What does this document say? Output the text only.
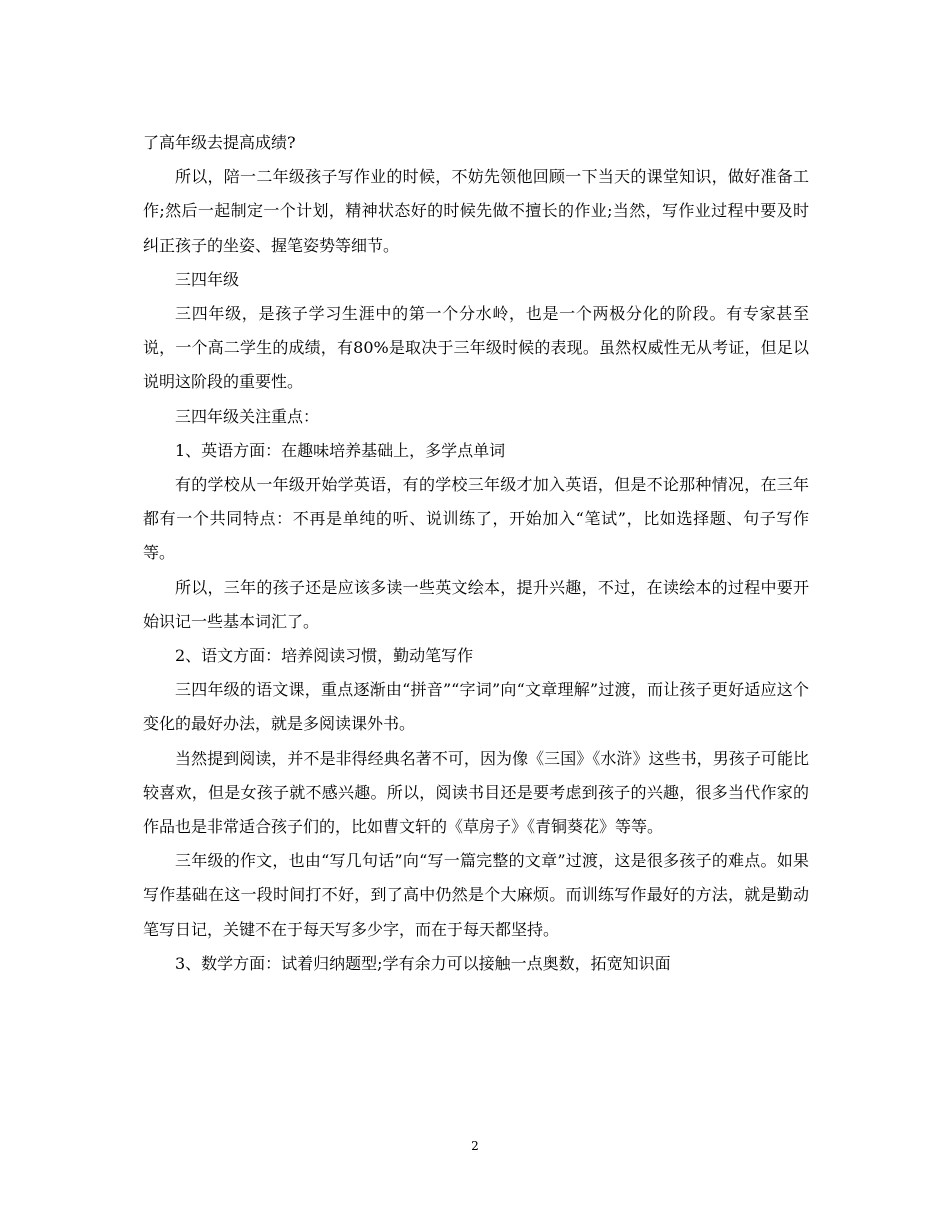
了高年级去提高成绩?

所以，陪一二年级孩子写作业的时候，不妨先领他回顾一下当天的课堂知识，做好准备工作;然后一起制定一个计划，精神状态好的时候先做不擅长的作业;当然，写作业过程中要及时纠正孩子的坐姿、握笔姿势等细节。

三四年级

三四年级，是孩子学习生涯中的第一个分水岭，也是一个两极分化的阶段。有专家甚至说，一个高二学生的成绩，有80%是取决于三年级时候的表现。虽然权威性无从考证，但足以说明这阶段的重要性。

三四年级关注重点：

1、英语方面：在趣味培养基础上，多学点单词

有的学校从一年级开始学英语，有的学校三年级才加入英语，但是不论那种情况，在三年都有一个共同特点：不再是单纯的听、说训练了，开始加入“笔试”，比如选择题、句子写作等。

所以，三年的孩子还是应该多读一些英文绘本，提升兴趣，不过，在读绘本的过程中要开始识记一些基本词汇了。

2、语文方面：培养阅读习惯，勤动笔写作

三四年级的语文课，重点逐渐由“拼音”“字词”向“文章理解”过渡，而让孩子更好适应这个变化的最好办法，就是多阅读课外书。

当然提到阅读，并不是非得经典名著不可，因为像《三国》《水浒》这些书，男孩子可能比较喜欢，但是女孩子就不感兴趣。所以，阅读书目还是要考虑到孩子的兴趣，很多当代作家的作品也是非常适合孩子们的，比如曹文轩的《草房子》《青铜葵花》等等。

三年级的作文，也由“写几句话”向“写一篇完整的文章”过渡，这是很多孩子的难点。如果写作基础在这一段时间打不好，到了高中仍然是个大麻烦。而训练写作最好的方法，就是勤动笔写日记，关键不在于每天写多少字，而在于每天都坚持。

3、数学方面：试着归纳题型;学有余力可以接触一点奥数，拓宽知识面

2
